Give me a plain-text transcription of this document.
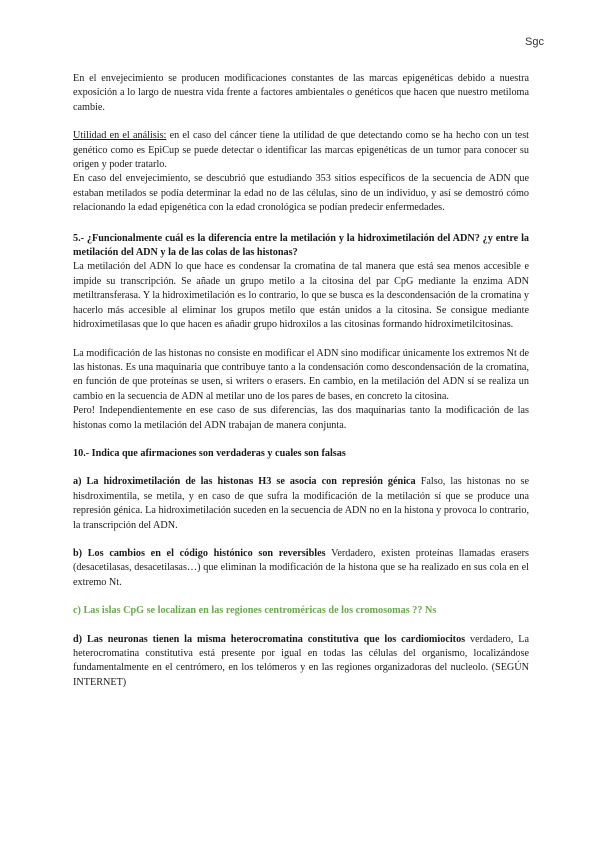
Sgc

En el envejecimiento se producen modificaciones constantes de las marcas epigenéticas debido a nuestra exposición a lo largo de nuestra vida frente a factores ambientales o genéticos que hacen que nuestro metiloma cambie.

Utilidad en el análisis: en el caso del cáncer tiene la utilidad de que detectando como se ha hecho con un test genético como es EpiCup se puede detectar o identificar las marcas epigenéticas de un tumor para conocer su origen y poder tratarlo.

En caso del envejecimiento, se descubrió que estudiando 353 sitios específicos de la secuencia de ADN que estaban metilados se podía determinar la edad no de las células, sino de un individuo, y así se demostró cómo relacionando la edad epigenética con la edad cronológica se podían predecir enfermedades.

5.- ¿Funcionalmente cuál es la diferencia entre la metilación y la hidroximetilación del ADN? ¿y entre la metilación del ADN y la de las colas de las histonas?

La metilación del ADN lo que hace es condensar la cromatina de tal manera que está sea menos accesible e impide su transcripción. Se añade un grupo metilo a la citosina del par CpG mediante la enzima ADN metiltransferasa. Y la hidroximetilación es lo contrario, lo que se busca es la descondensación de la cromatina y hacerlo más accesible al eliminar los grupos metilo que están unidos a la citosina. Se consigue mediante hidroximetilasas que lo que hacen es añadir grupo hidroxilos a las citosinas formando hidroximetilcitosinas.

La modificación de las histonas no consiste en modificar el ADN sino modificar únicamente los extremos Nt de las histonas. Es una maquinaria que contribuye tanto a la condensación como descondensación de la cromatina, en función de que proteínas se usen, si writers o erasers. En cambio, en la metilación del ADN sí se realiza un cambio en la secuencia de ADN al metilar uno de los pares de bases, en concreto la citosina.

Pero! Independientemente en ese caso de sus diferencias, las dos maquinarias tanto la modificación de las histonas como la metilación del ADN trabajan de manera conjunta.

10.- Indica que afirmaciones son verdaderas y cuales son falsas

a) La hidroximetilación de las histonas H3 se asocia con represión génica Falso, las histonas no se hisdroximentila, se metila, y en caso de que sufra la modificación de la metilación sí que se produce una represión génica. La hidroximetilación suceden en la secuencia de ADN no en la histona y provoca lo contrario, la transcripción del ADN.

b) Los cambios en el código histónico son reversibles Verdadero, existen proteínas llamadas erasers (desacetilasas, desacetilasas…) que eliminan la modificación de la histona que se ha realizado en sus cola en el extremo Nt.

c) Las islas CpG se localizan en las regiones centroméricas de los cromosomas ?? Ns

d) Las neuronas tienen la misma heterocromatina constitutiva que los cardiomiocitos verdadero, La heterocromatina constitutiva está presente por igual en todas las células del organismo, localizándose fundamentalmente en el centrómero, en los telómeros y en las regiones organizadoras del nucleolo. (SEGÚN INTERNET)
